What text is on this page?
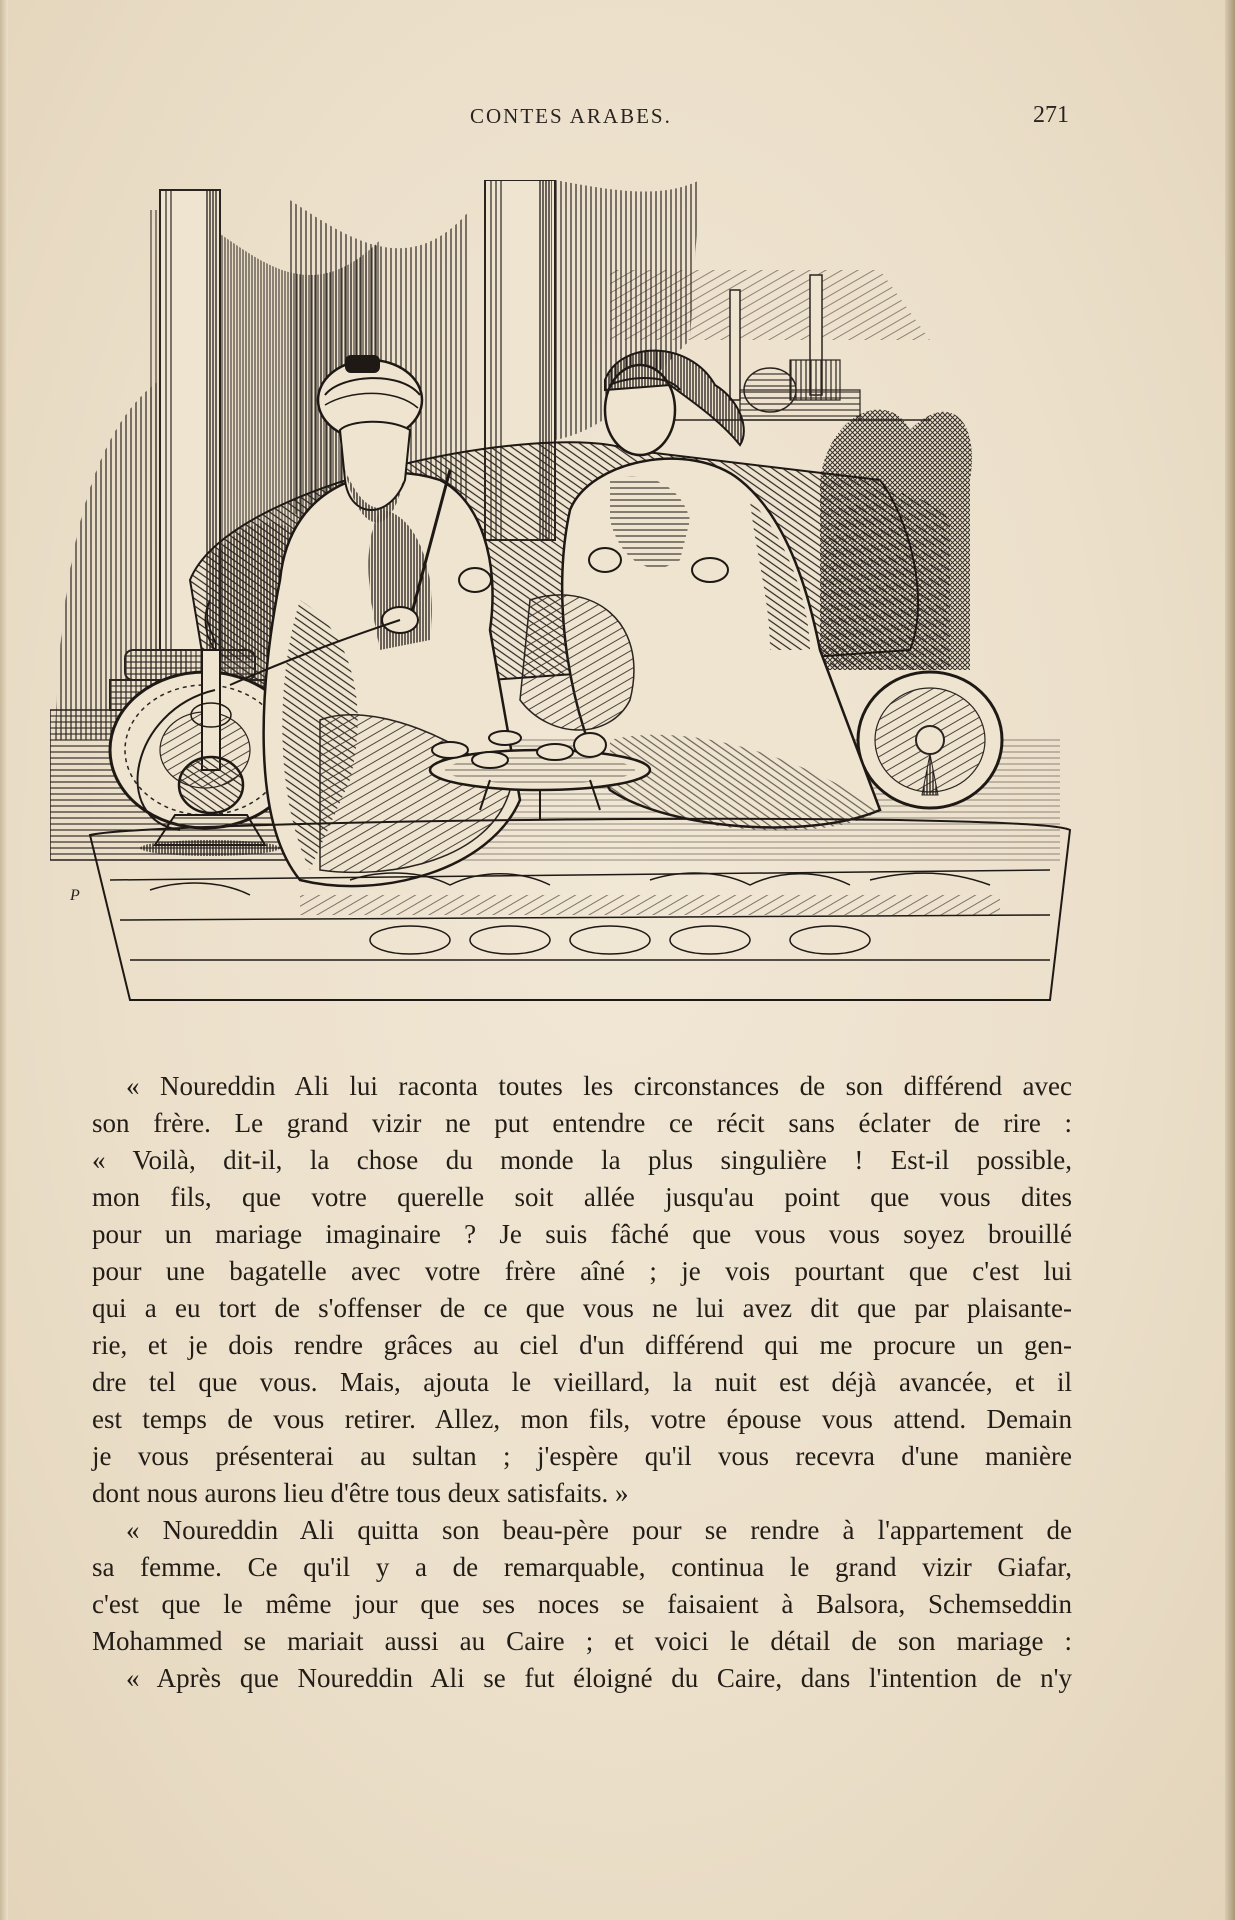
CONTES ARABES.	271
P
« Noureddin Ali lui raconta toutes les circonstances de son différend avec
son frère. Le grand vizir ne put entendre ce récit sans éclater de rire :
« Voilà, dit-il, la chose du monde la plus singulière ! Est-il possible,
mon fils, que votre querelle soit allée jusqu'au point que vous dites
pour un mariage imaginaire ? Je suis fâché que vous vous soyez brouillé
pour une bagatelle avec votre frère aîné ; je vois pourtant que c'est lui
qui a eu tort de s'offenser de ce que vous ne lui avez dit que par plaisante-
rie, et je dois rendre grâces au ciel d'un différend qui me procure un gen-
dre tel que vous. Mais, ajouta le vieillard, la nuit est déjà avancée, et il
est temps de vous retirer. Allez, mon fils, votre épouse vous attend. Demain
je vous présenterai au sultan ; j'espère qu'il vous recevra d'une manière
dont nous aurons lieu d'être tous deux satisfaits. »
« Noureddin Ali quitta son beau-père pour se rendre à l'appartement de
sa femme. Ce qu'il y a de remarquable, continua le grand vizir Giafar,
c'est que le même jour que ses noces se faisaient à Balsora, Schemseddin
Mohammed se mariait aussi au Caire ; et voici le détail de son mariage :
« Après que Noureddin Ali se fut éloigné du Caire, dans l'intention de n'y
